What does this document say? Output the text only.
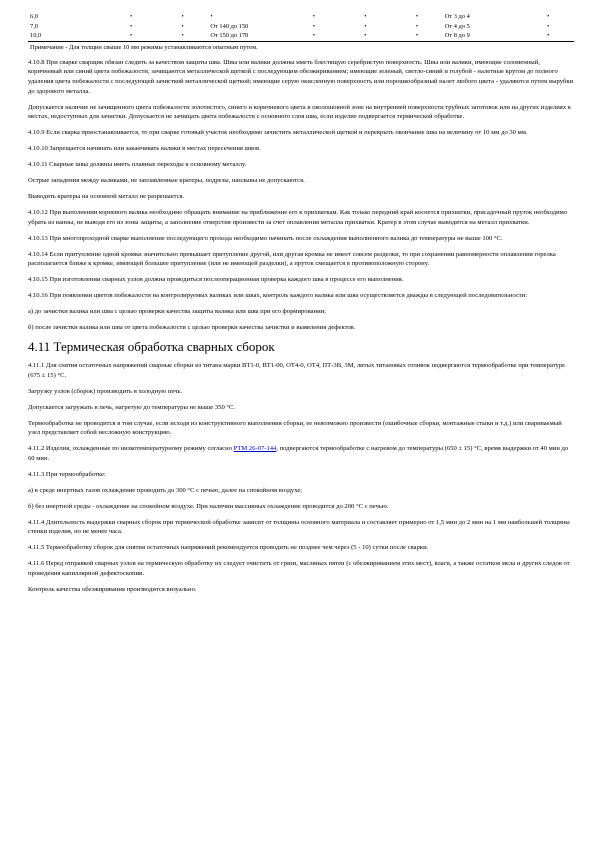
6,0	•	•	•	•	•	•	От 3 до 4	•
7,0	•	•	От 140 до 150	•	•	•	От 4 до 5	•
10,0	•	•	От 150 до 170	•	•	•	От 8 до 9	•
Примечание - Для толщин свыше 10 мм режимы устанавливаются опытным путем.

4.10.8 При сварке сварщик обязан следить за качеством защиты шва. Швы или валики должны иметь блестящую серебристую поверхность. Швы или валики, имеющие соломенный, коричневый или синий цвета побежалости, зачищаются металлической щеткой с последующим обезжириванием; имеющие зеленый, светло-синий и голубой - налетные кругом до полного удаления цвета побежалости с последующей зачисткой металлической щеткой; имеющие серую окисленную поверхность или порошкообразный налет любого цвета - удаляются путем вырубки до здорового металла.

Допускается наличие не зачищенного цвета побежалости золотистого, синего и коричневого цвета в околошовной зоне на внутренней поверхности трубных заготовок или на других изделиях в местах, недоступных для зачистки. Допускается не зачищать цвета побежалости с основного слоя шва, если изделие подвергается термической обработке.

4.10.9 Если сварка приостанавливается, то при сварке готовый участок необходимо зачистить металлической щеткой и перекрыть окончание шва на величину от 10 мм до 30 мм.

4.10.10 Запрещается начинать или заканчивать валики в местах пересечения швов.

4.10.11 Сварные швы должны иметь плавные переходы к основному металлу.

Острые западения между валиками, не заплавленные кратеры, подрезы, наплывы не допускаются.

Выводить кратеры на основной металл не разрешается.

4.10.12 При выполнении корневого валика необходимо обращать внимание на приближение его к прихваткам. Как только передний край коснется прихватки, присадочный пруток необходимо убрать из ванны, не выводя его из зоны защиты, а заполнение отверстия произвести за счет оплавления металла прихватки. Кратер в этом случае выводится на металл прихватки.

4.10.13 При многопроходной сварке выполнение последующего прохода необходимо начинать после охлаждения выполненного валика до температуры не выше 100 °С.

4.10.14 Если притупление одной кромки значительно превышает притупление другой, или другая кромка не имеет совсем разделки, то при сохранении равномерности оплавления горелка располагается ближе к кромке, имеющей большее притупление (или не имеющей разделки), а пруток смещается в противоположную сторону.

4.10.15 При изготовлении сварных узлов должна проводиться послеоперационная проверка каждого шва в процессе его выполнения.

4.10.16 При появлении цветов побежалости на контролируемых валиках или швах, контроль каждого валика или шва осуществляется дважды в следующей последовательности:

а) до зачистки валика или шва с целью проверки качества защиты валика или шва при его формировании;

б) после зачистки валика или шва от цвета побежалости с целью проверки качества зачистки и выявления дефектов.

4.11 Термическая обработка сварных сборок

4.11.1 Для снятия остаточных напряжений сварные сборки из титана марки ВТ1-0, ВТ1-00, ОТ4-0, ОТ4, ПТ-3В, 3М, литых титановых отливок подвергаются термообработке при температуре (675 ± 15) °С.

Загрузку узлов (сборок) производить в холодную печь.

Допускается загружать в печь, нагретую до температуры не выше 350 °С.

Термообработка не проводится в том случае, если исходя из конструктивного выполнения сборки, ее невозможно произвести (ошибочные сборки, монтажные стыки и т.д.) или свариваемый узел представляет собой несложную конструкцию.

4.11.2 Изделия, охлажденные по низкотемпературному режиму согласно РТМ 26-07-144, подвергаются термообработке с нагревом до температуры (650 ± 15) °С, время выдержки от 40 мин до 60 мин.

4.11.3 При термообработке:

а) в среде инертных газов охлаждение проводить до 300 °С с печью, далее на спокойном воздухе;

б) без инертной среды - охлаждение на спокойном воздухе. При наличии массивных охлаждение проводится до 200 °С с печью.

4.11.4 Длительность выдержки сварных сборок при термической обработке зависит от толщины основного материала и составляет примерно от 1,5 мин до 2 мин на 1 мм наибольшей толщины стенки изделия, но не менее часа.

4.11.5 Термообработку сборок для снятия остаточных напряжений рекомендуется проводить не позднее чем через (5 - 10) сутки после сварки.

4.11.6 Перед отправкой сварных узлов на термическую обработку их следует очистить от грязи, масляных пятен (с обезжириванием этих мест), влаги, а также остатков мела и других следов от проведения капиллярной дефектоскопии.

Контроль качества обезжиривания производится визуально.
